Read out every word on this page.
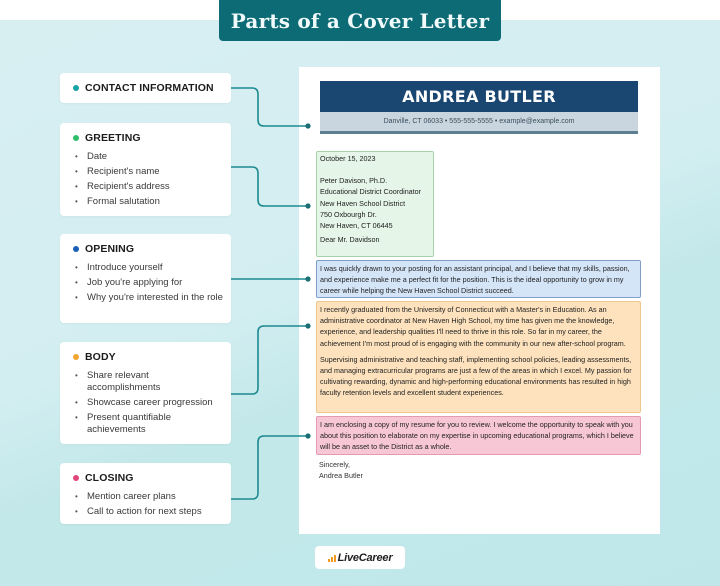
Parts of a Cover Letter
CONTACT INFORMATION
GREETING
• Date
• Recipient's name
• Recipient's address
• Formal salutation
OPENING
• Introduce yourself
• Job you're applying for
• Why you're interested in the role
BODY
• Share relevant accomplishments
• Showcase career progression
• Present quantifiable achievements
CLOSING
• Mention career plans
• Call to action for next steps
ANDREA BUTLER
Danville, CT 06033 • 555-555-5555 • example@example.com
October 15, 2023
Peter Davison, Ph.D.
Educational District Coordinator
New Haven School District
750 Oxbourgh Dr.
New Haven, CT 06445
Dear Mr. Davidson

I was quickly drawn to your posting for an assistant principal, and I believe that my skills, passion, and experience make me a perfect fit for the position. This is the ideal opportunity to grow in my career while helping the New Haven School District succeed.

I recently graduated from the University of Connecticut with a Master's in Education. As an administrative coordinator at New Haven High School, my time has given me the knowledge, experience, and leadership qualities I'll need to thrive in this role. So far in my career, the achievement I'm most proud of is engaging with the community in our new after-school program.

Supervising administrative and teaching staff, implementing school policies, leading assessments, and managing extracurricular programs are just a few of the areas in which I excel. My passion for cultivating rewarding, dynamic and high-performing educational environments has resulted in high faculty retention levels and excellent student experiences.

I am enclosing a copy of my resume for you to review. I welcome the opportunity to speak with you about this position to elaborate on my expertise in upcoming educational programs, which I believe will be an asset to the District as a whole.

Sincerely,
Andrea Butler
LiveCareer
